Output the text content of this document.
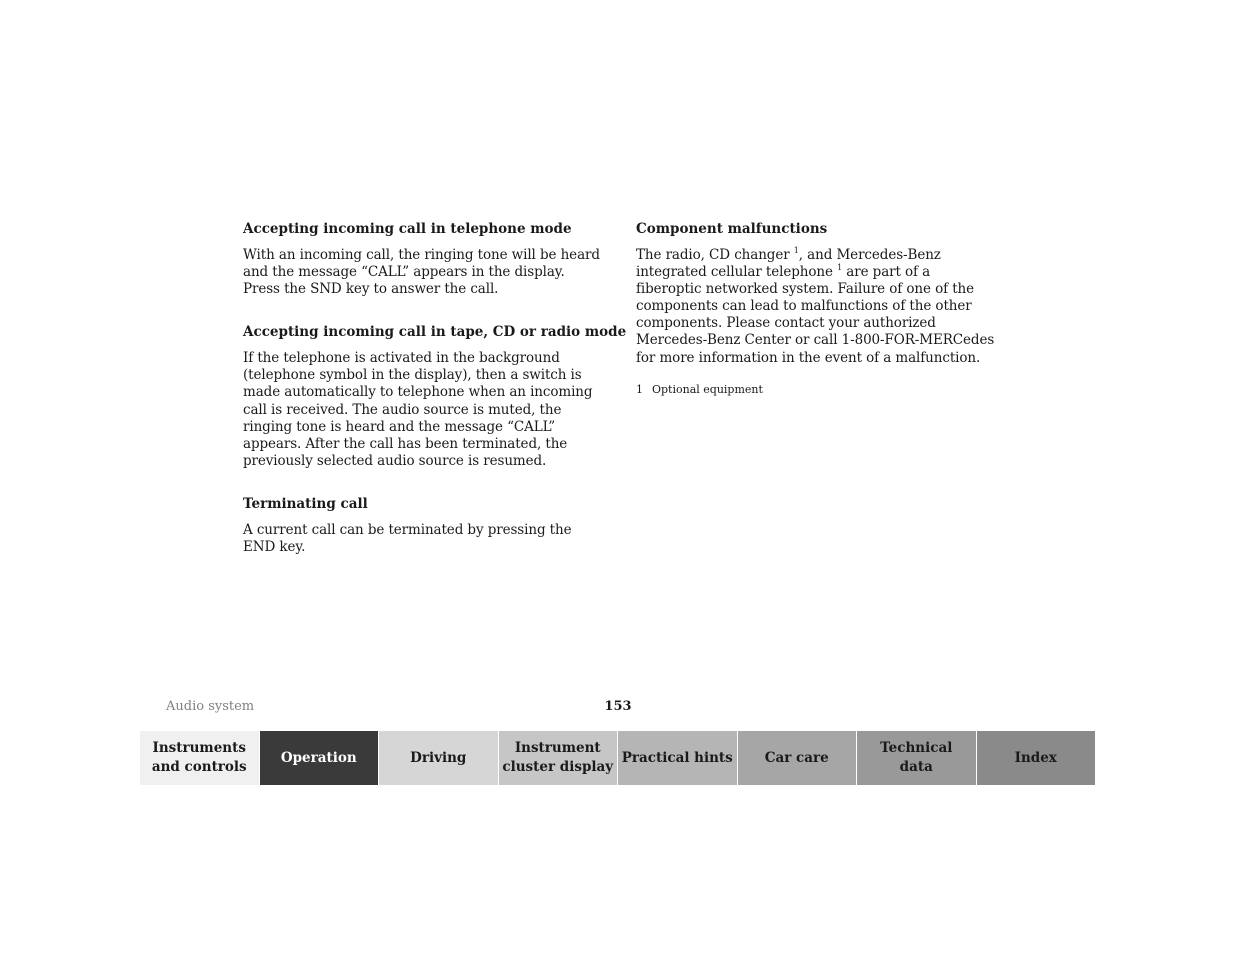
Accepting incoming call in telephone mode

With an incoming call, the ringing tone will be heard and the message “CALL” appears in the display. Press the SND key to answer the call.

Accepting incoming call in tape, CD or radio mode

If the telephone is activated in the background (telephone symbol in the display), then a switch is made automatically to telephone when an incoming call is received. The audio source is muted, the ringing tone is heard and the message “CALL” appears. After the call has been terminated, the previously selected audio source is resumed.

Terminating call

A current call can be terminated by pressing the END key.

Component malfunctions

The radio, CD changer $^1$, and Mercedes-Benz integrated cellular telephone $^1$ are part of a fiberoptic networked system. Failure of one of the components can lead to malfunctions of the other components. Please contact your authorized Mercedes-Benz Center or call 1-800-FOR-MERCedes for more information in the event of a malfunction.

1 Optional equipment
Audio system	153
Instruments
and controls
Operation	Driving
Instrument
cluster display
Practical hints	Car care
Technical
data
Index
